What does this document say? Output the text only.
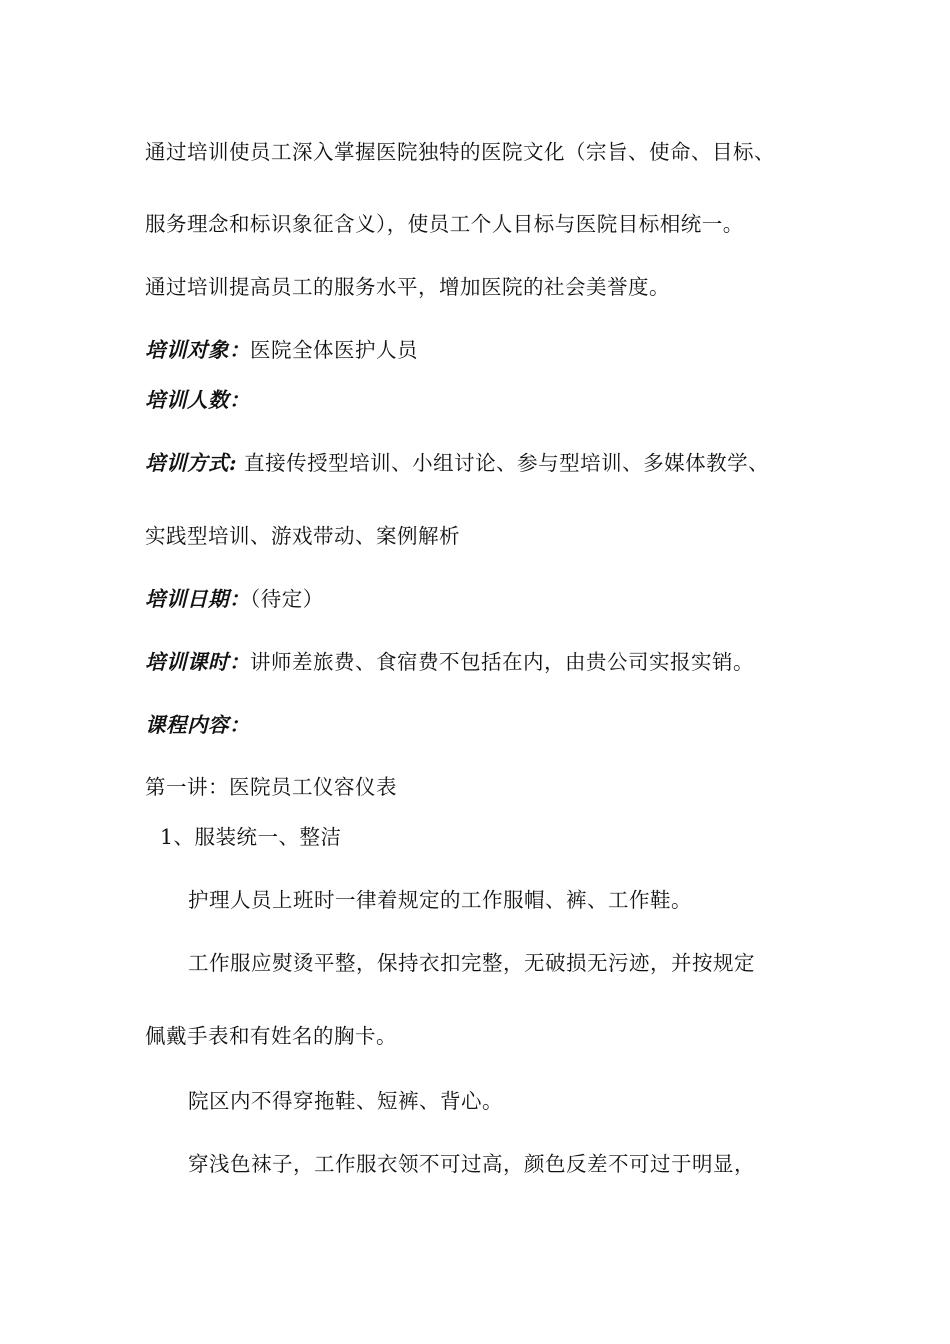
通过培训使员工深入掌握医院独特的医院文化（宗旨、使命、目标、
服务理念和标识象征含义），使员工个人目标与医院目标相统一。
通过培训提高员工的服务水平，增加医院的社会美誉度。
培训对象：医院全体医护人员
培训人数：
培训方式: 直接传授型培训、小组讨论、参与型培训、多媒体教学、
实践型培训、游戏带动、案例解析
培训日期：（待定）
培训课时：讲师差旅费、食宿费不包括在内，由贵公司实报实销。
课程内容：
第一讲：医院员工仪容仪表
1、服装统一、整洁
护理人员上班时一律着规定的工作服帽、裤、工作鞋。
工作服应熨烫平整，保持衣扣完整，无破损无污迹，并按规定
佩戴手表和有姓名的胸卡。
院区内不得穿拖鞋、短裤、背心。
穿浅色袜子，工作服衣领不可过高，颜色反差不可过于明显，
